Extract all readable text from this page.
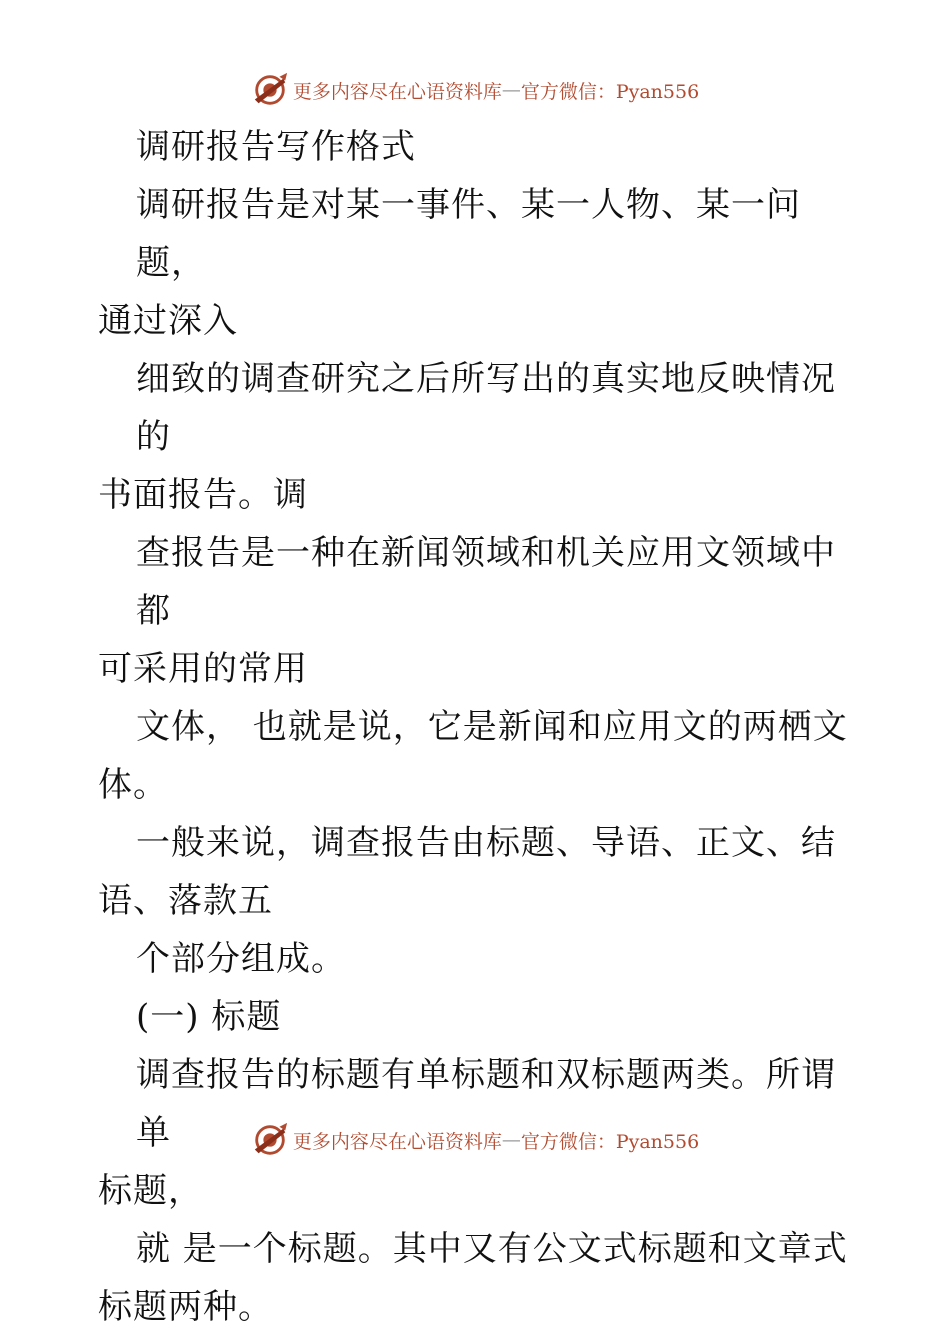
更多内容尽在心语资料库 — 官方微信：Pyan556

调研报告写作格式

调研报告是对某一事件、某一人物、某一问题，

通过深入

细致的调查研究之后所写出的真实地反映情况的

书面报告。调

查报告是一种在新闻领域和机关应用文领域中都

可采用的常用

文体， 也就是说，它是新闻和应用文的两栖文

体。

一般来说，调查报告由标题、导语、正文、结

语、落款五

个部分组成。

(一) 标题

调查报告的标题有单标题和双标题两类。所谓单

标题，

就 是一个标题。其中又有公文式标题和文章式

标题两种。

更多内容尽在心语资料库 — 官方微信：Pyan556
